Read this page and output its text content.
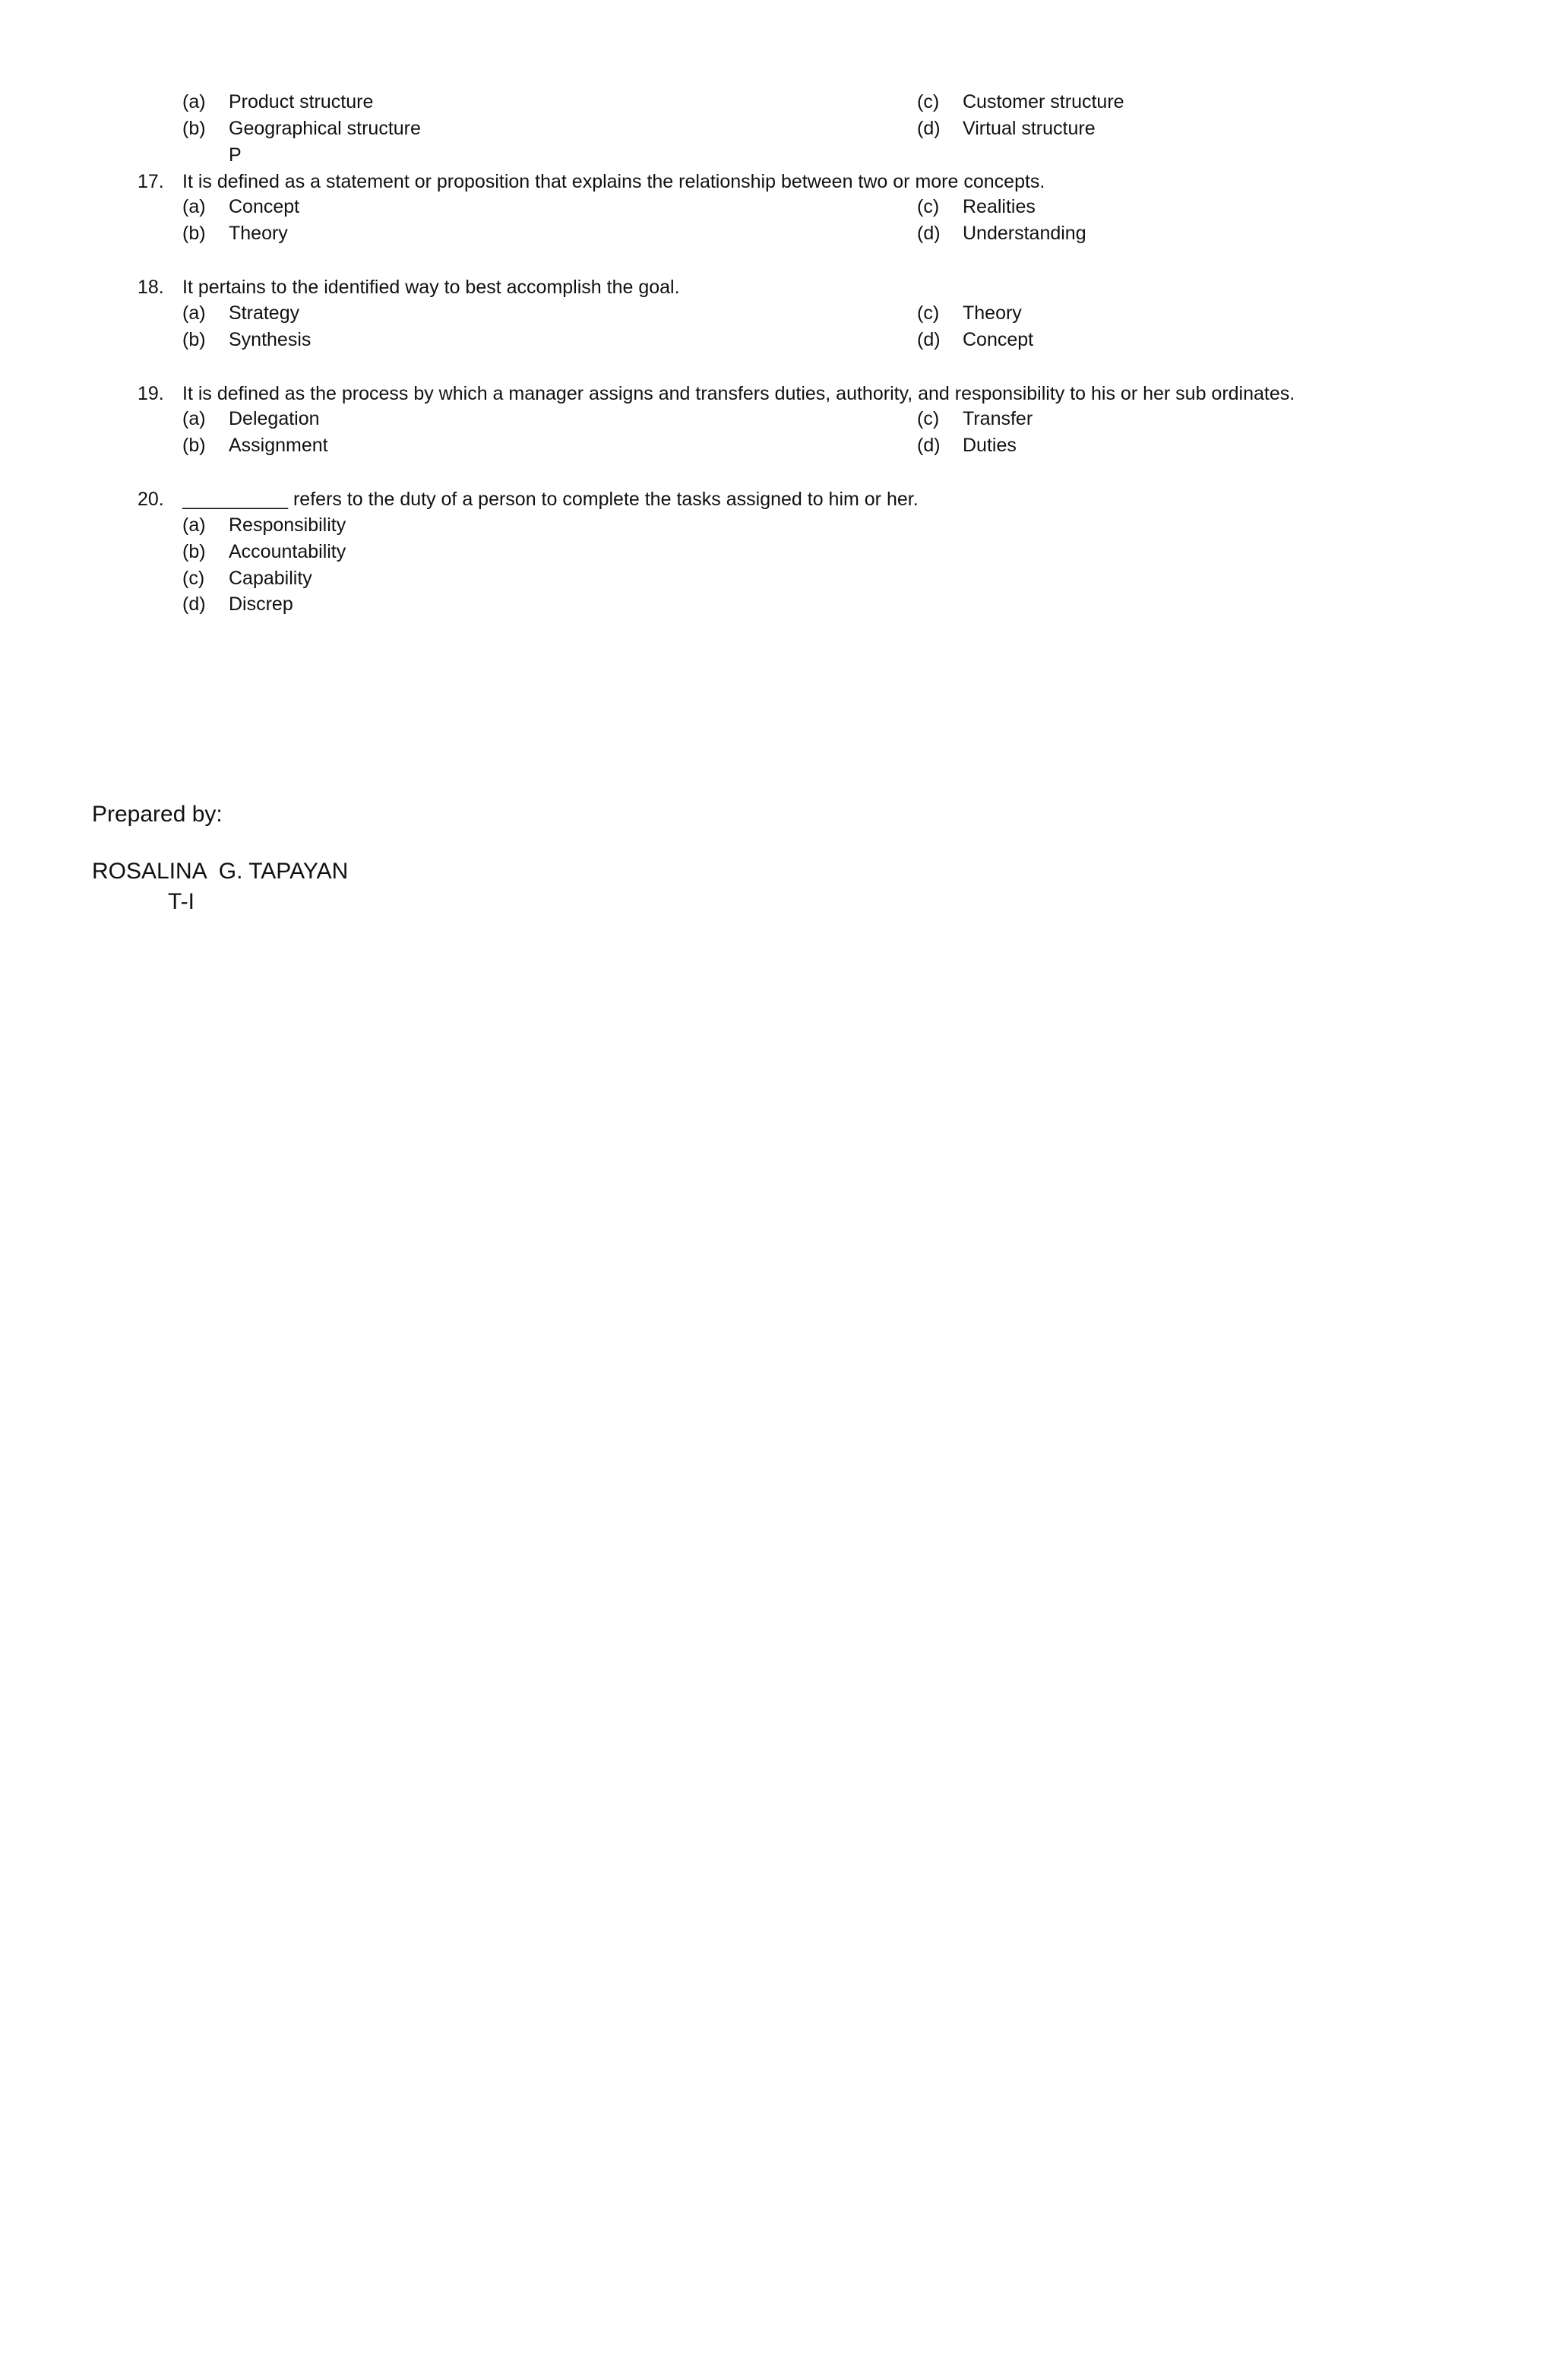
(a) Product structure	(c) Customer structure
(b) Geographical structure	(d) Virtual structure
P
17. It is defined as a statement or proposition that explains the relationship between two or more concepts.
(a) Concept	(c) Realities
(b) Theory	(d) Understanding
18. It pertains to the identified way to best accomplish the goal.
(a) Strategy	(c) Theory
(b) Synthesis	(d) Concept
19. It is defined as the process by which a manager assigns and transfers duties, authority, and responsibility to his or her sub ordinates.
(a) Delegation	(c) Transfer
(b) Assignment	(d) Duties
20. __________ refers to the duty of a person to complete the tasks assigned to him or her.
(a) Responsibility
(b) Accountability
(c) Capability
(d) Discrep
Prepared by:
ROSALINA  G. TAPAYAN
T-I
